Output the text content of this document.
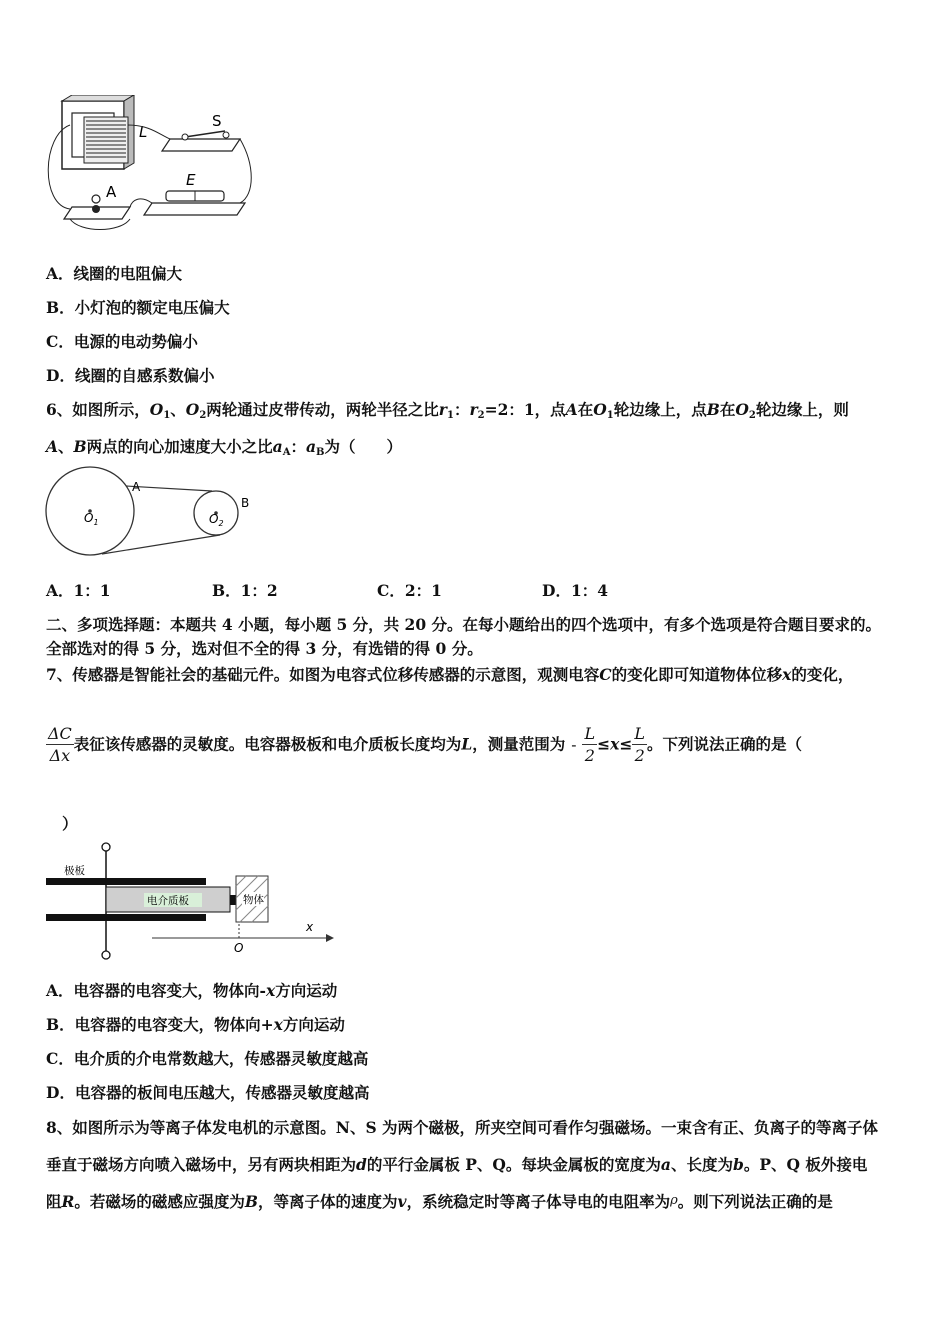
L
S
E
A
A．线圈的电阻偏大
B．小灯泡的额定电压偏大
C．电源的电动势偏小
D．线圈的自感系数偏小
6、如图所示，$O_1$、$O_2$两轮通过皮带传动，两轮半径之比$r_1$：$r_2=2$：1，点A在$O_1$轮边缘上，点B在$O_2$轮边缘上，则
A、B两点的向心加速度大小之比$a_A$：$a_B$为（　　）
A
B
$O_1$	$O_2$
A．1：1	B．1：2	C．2：1	D．1：4
二、多项选择题：本题共 4 小题，每小题 5 分，共 20 分。在每小题给出的四个选项中，有多个选项是符合题目要求的。
全部选对的得 5 分，选对但不全的得 3 分，有选错的得 0 分。
7、传感器是智能社会的基础元件。如图为电容式位移传感器的示意图，观测电容C的变化即可知道物体位移x的变化，
$\frac{\Delta C}{\Delta x}$ 表征该传感器的灵敏度。电容器极板和电介质板长度均为L，测量范围为 - $\frac{L}{2} \le x\le \frac{L}{2}$ 。下列说法正确的是（
）
电介质板	物体
极板
x
O
A．电容器的电容变大，物体向-x方向运动
B．电容器的电容变大，物体向+x方向运动
C．电介质的介电常数越大，传感器灵敏度越高
D．电容器的板间电压越大，传感器灵敏度越高
8、如图所示为等离子体发电机的示意图。N、S 为两个磁极，所夹空间可看作匀强磁场。一束含有正、负离子的等离子体
垂直于磁场方向喷入磁场中，另有两块相距为d的平行金属板 P、Q。每块金属板的宽度为a、长度为b。P、Q 板外接电
阻R。若磁场的磁感应强度为B，等离子体的速度为v，系统稳定时等离子体导电的电阻率为ρ。则下列说法正确的是
